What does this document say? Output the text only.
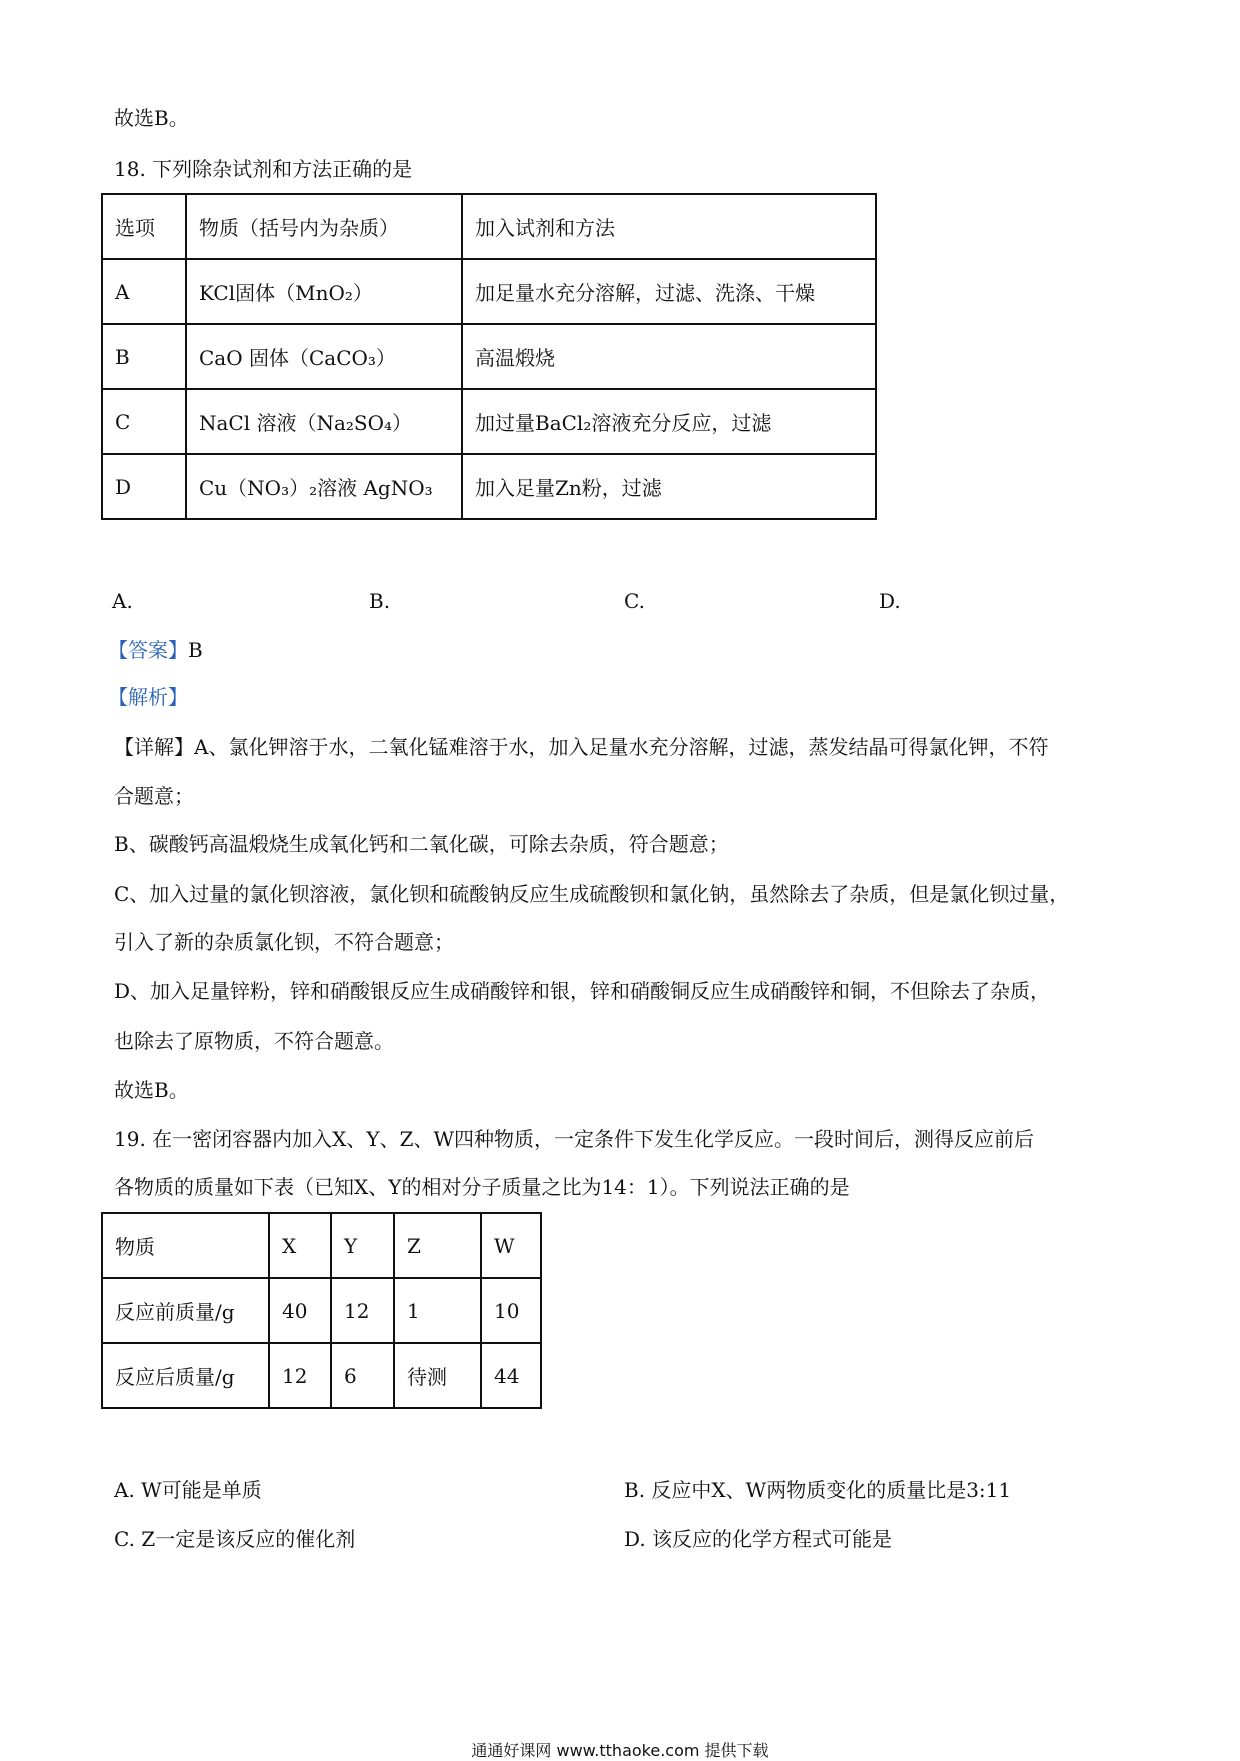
故选B。
18. 下列除杂试剂和方法正确的是
选项	物质（括号内为杂质）	加入试剂和方法
A	KCl固体（MnO₂）	加足量水充分溶解，过滤、洗涤、干燥
B	CaO 固体（CaCO₃）	高温煅烧
C	NaCl 溶液（Na₂SO₄）	加过量BaCl₂溶液充分反应，过滤
D	Cu（NO₃）₂溶液 AgNO₃	加入足量Zn粉，过滤
A.	B.	C.	D.
【答案】B
【解析】
【详解】A、氯化钾溶于水，二氧化锰难溶于水，加入足量水充分溶解，过滤，蒸发结晶可得氯化钾，不符
合题意；
B、碳酸钙高温煅烧生成氧化钙和二氧化碳，可除去杂质，符合题意；
C、加入过量的氯化钡溶液，氯化钡和硫酸钠反应生成硫酸钡和氯化钠，虽然除去了杂质，但是氯化钡过量，
引入了新的杂质氯化钡，不符合题意；
D、加入足量锌粉，锌和硝酸银反应生成硝酸锌和银，锌和硝酸铜反应生成硝酸锌和铜，不但除去了杂质，
也除去了原物质，不符合题意。
故选B。
19. 在一密闭容器内加入X、Y、Z、W四种物质，一定条件下发生化学反应。一段时间后，测得反应前后
各物质的质量如下表（已知X、Y的相对分子质量之比为14：1）。下列说法正确的是
物质	X	Y	Z	W
反应前质量/g	40	12	1	10
反应后质量/g	12	6	待测	44
A. W可能是单质	B. 反应中X、W两物质变化的质量比是3:11
C. Z一定是该反应的催化剂	D. 该反应的化学方程式可能是
通通好课网 www.tthaoke.com 提供下载
